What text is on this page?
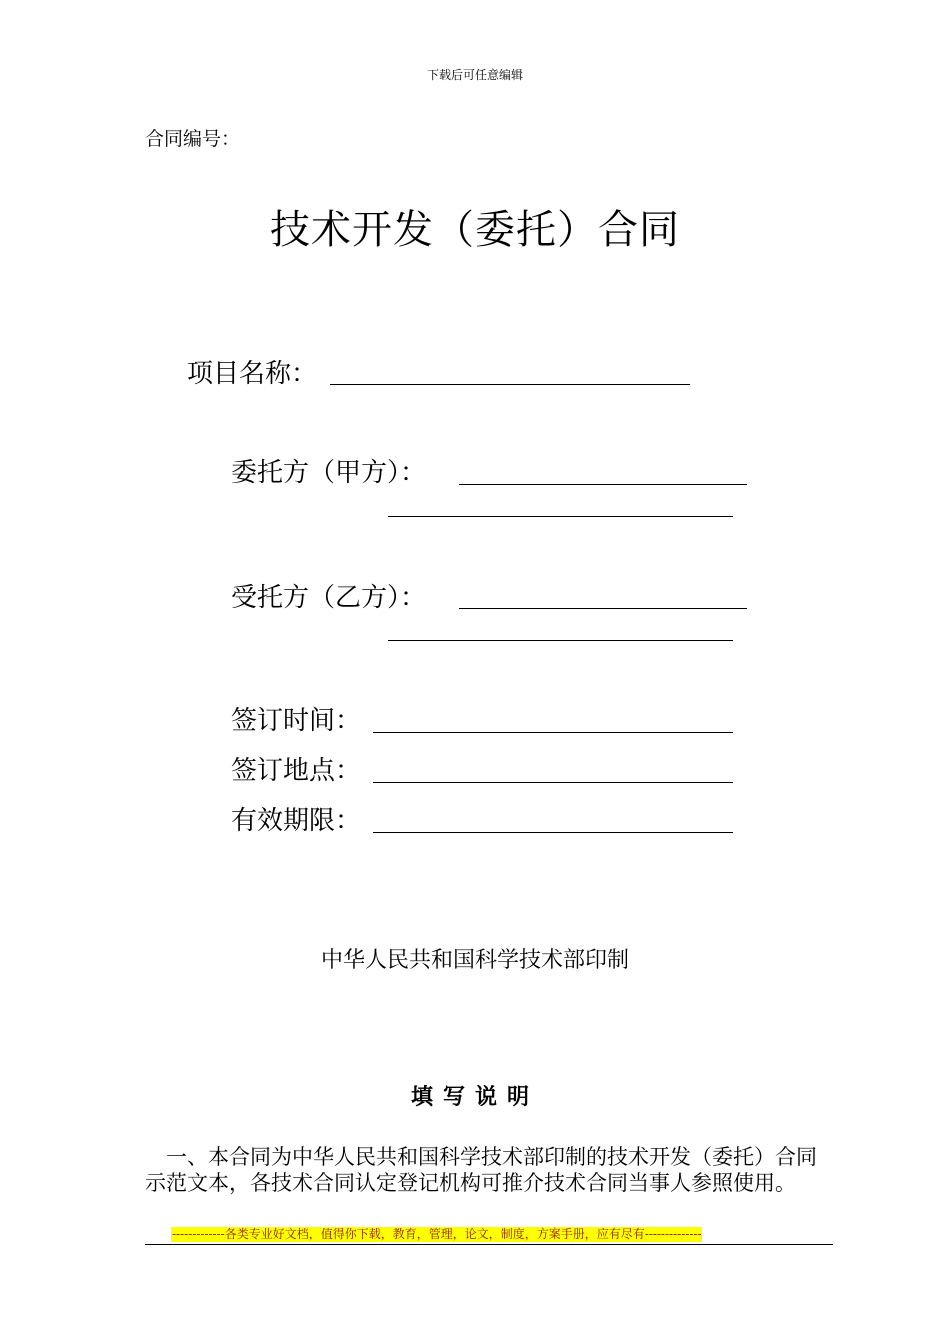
下载后可任意编辑
合同编号：
技术开发（委托）合同
项目名称：
委托方（甲方）：
受托方（乙方）：
签订时间：
签订地点：
有效期限：
中华人民共和国科学技术部印制
填写说明
一、本合同为中华人民共和国科学技术部印制的技术开发（委托）合同示范文本，各技术合同认定登记机构可推介技术合同当事人参照使用。
-------------各类专业好文档，值得你下载，教育，管理，论文，制度，方案手册，应有尽有--------------
